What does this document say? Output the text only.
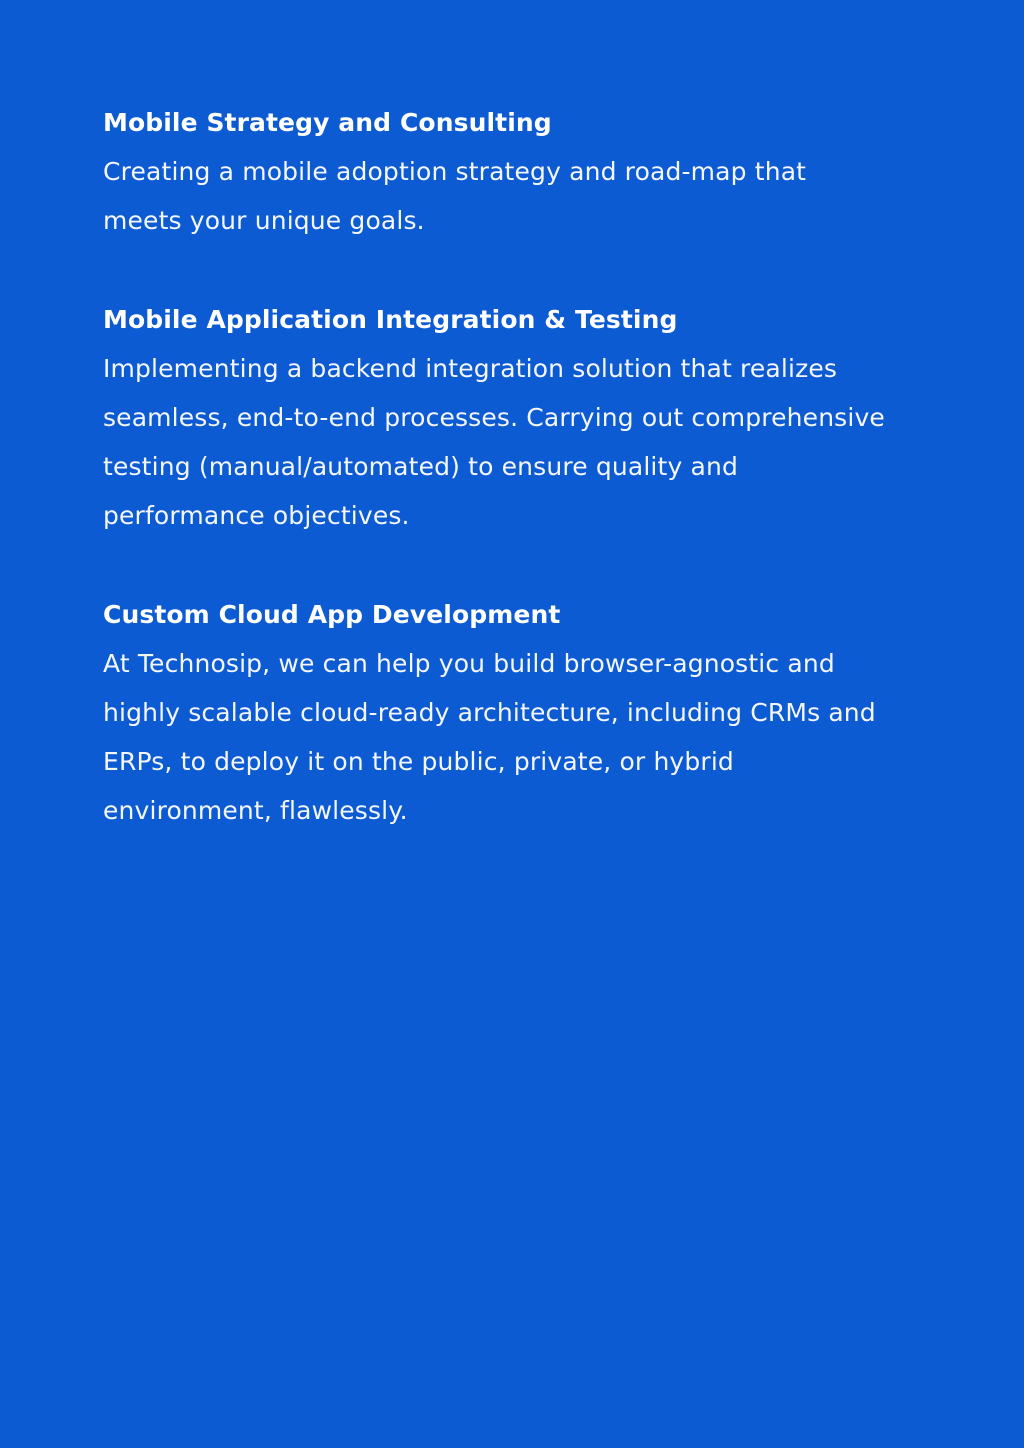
Mobile Strategy and Consulting

Creating a mobile adoption strategy and road-map that

meets your unique goals.

Mobile Application Integration & Testing

Implementing a backend integration solution that realizes

seamless, end-to-end processes. Carrying out comprehensive

testing (manual/automated) to ensure quality and

performance objectives.

Custom Cloud App Development

At Technosip, we can help you build browser-agnostic and

highly scalable cloud-ready architecture, including CRMs and

ERPs, to deploy it on the public, private, or hybrid

environment, flawlessly.
